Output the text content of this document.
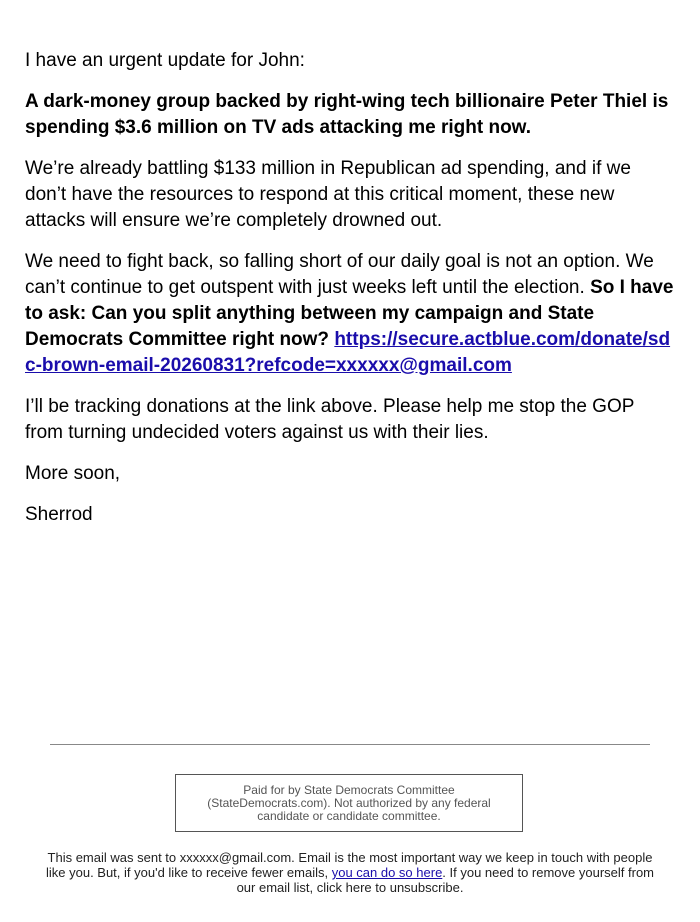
I have an urgent update for John:

A dark-money group backed by right-wing tech billionaire Peter Thiel is spending $3.6 million on TV ads attacking me right now.

We’re already battling $133 million in Republican ad spending, and if we don’t have the resources to respond at this critical moment, these new attacks will ensure we’re completely drowned out.

We need to fight back, so falling short of our daily goal is not an option. We can’t continue to get outspent with just weeks left until the election. So I have to ask: Can you split anything between my campaign and State Democrats Committee right now? https://secure.actblue.com/donate/sdc-brown-email-20260831?refcode=xxxxxx@gmail.com

I’ll be tracking donations at the link above. Please help me stop the GOP from turning undecided voters against us with their lies.

More soon,

Sherrod

Paid for by State Democrats Committee (StateDemocrats.com). Not authorized by any federal candidate or candidate committee.
This email was sent to xxxxxx@gmail.com. Email is the most important way we keep in touch with people like you. But, if you'd like to receive fewer emails, you can do so here. If you need to remove yourself from our email list, click here to unsubscribe.
